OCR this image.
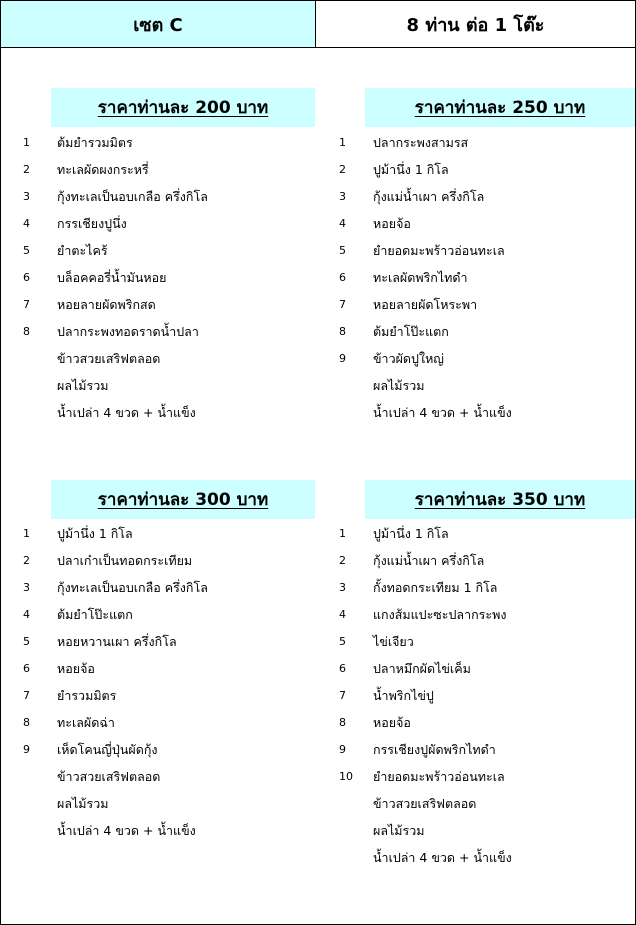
เซต C	8 ท่าน ต่อ 1 โต๊ะ
ราคาท่านละ 200 บาท
1	ต้มยำรวมมิตร
2	ทะเลผัดผงกระหรี่
3	กุ้งทะเลเป็นอบเกลือ ครึ่งกิโล
4	กรรเชียงปูนึ่ง
5	ยำตะไคร้
6	บล็อคคอรี่น้ำมันหอย
7	หอยลายผัดพริกสด
8	ปลากระพงทอดราดน้ำปลา
ข้าวสวยเสริฟตลอด
ผลไม้รวม
น้ำเปล่า 4 ขวด + น้ำแข็ง
ราคาท่านละ 250 บาท
1	ปลากระพงสามรส
2	ปูม้านึ่ง 1 กิโล
3	กุ้งแม่น้ำเผา ครึ่งกิโล
4	หอยจ้อ
5	ยำยอดมะพร้าวอ่อนทะเล
6	ทะเลผัดพริกไทดำ
7	หอยลายผัดโหระพา
8	ต้มยำโป๊ะแตก
9	ข้าวผัดปูใหญ่
ผลไม้รวม
น้ำเปล่า 4 ขวด + น้ำแข็ง
ราคาท่านละ 300 บาท
1	ปูม้านึ่ง 1 กิโล
2	ปลาเก๋าเป็นทอดกระเทียม
3	กุ้งทะเลเป็นอบเกลือ ครึ่งกิโล
4	ต้มยำโป๊ะแตก
5	หอยหวานเผา ครึ่งกิโล
6	หอยจ้อ
7	ยำรวมมิตร
8	ทะเลผัดฉ่า
9	เห็ดโคนญี่ปุ่นผัดกุ้ง
ข้าวสวยเสริฟตลอด
ผลไม้รวม
น้ำเปล่า 4 ขวด + น้ำแข็ง
ราคาท่านละ 350 บาท
1	ปูม้านึ่ง 1 กิโล
2	กุ้งแม่น้ำเผา ครึ่งกิโล
3	กั้งทอดกระเทียม 1 กิโล
4	แกงส้มแปะซะปลากระพง
5	ไข่เจียว
6	ปลาหมึกผัดไข่เค็ม
7	น้ำพริกไข่ปู
8	หอยจ้อ
9	กรรเชียงปูผัดพริกไทดำ
10	ยำยอดมะพร้าวอ่อนทะเล
ข้าวสวยเสริฟตลอด
ผลไม้รวม
น้ำเปล่า 4 ขวด + น้ำแข็ง
